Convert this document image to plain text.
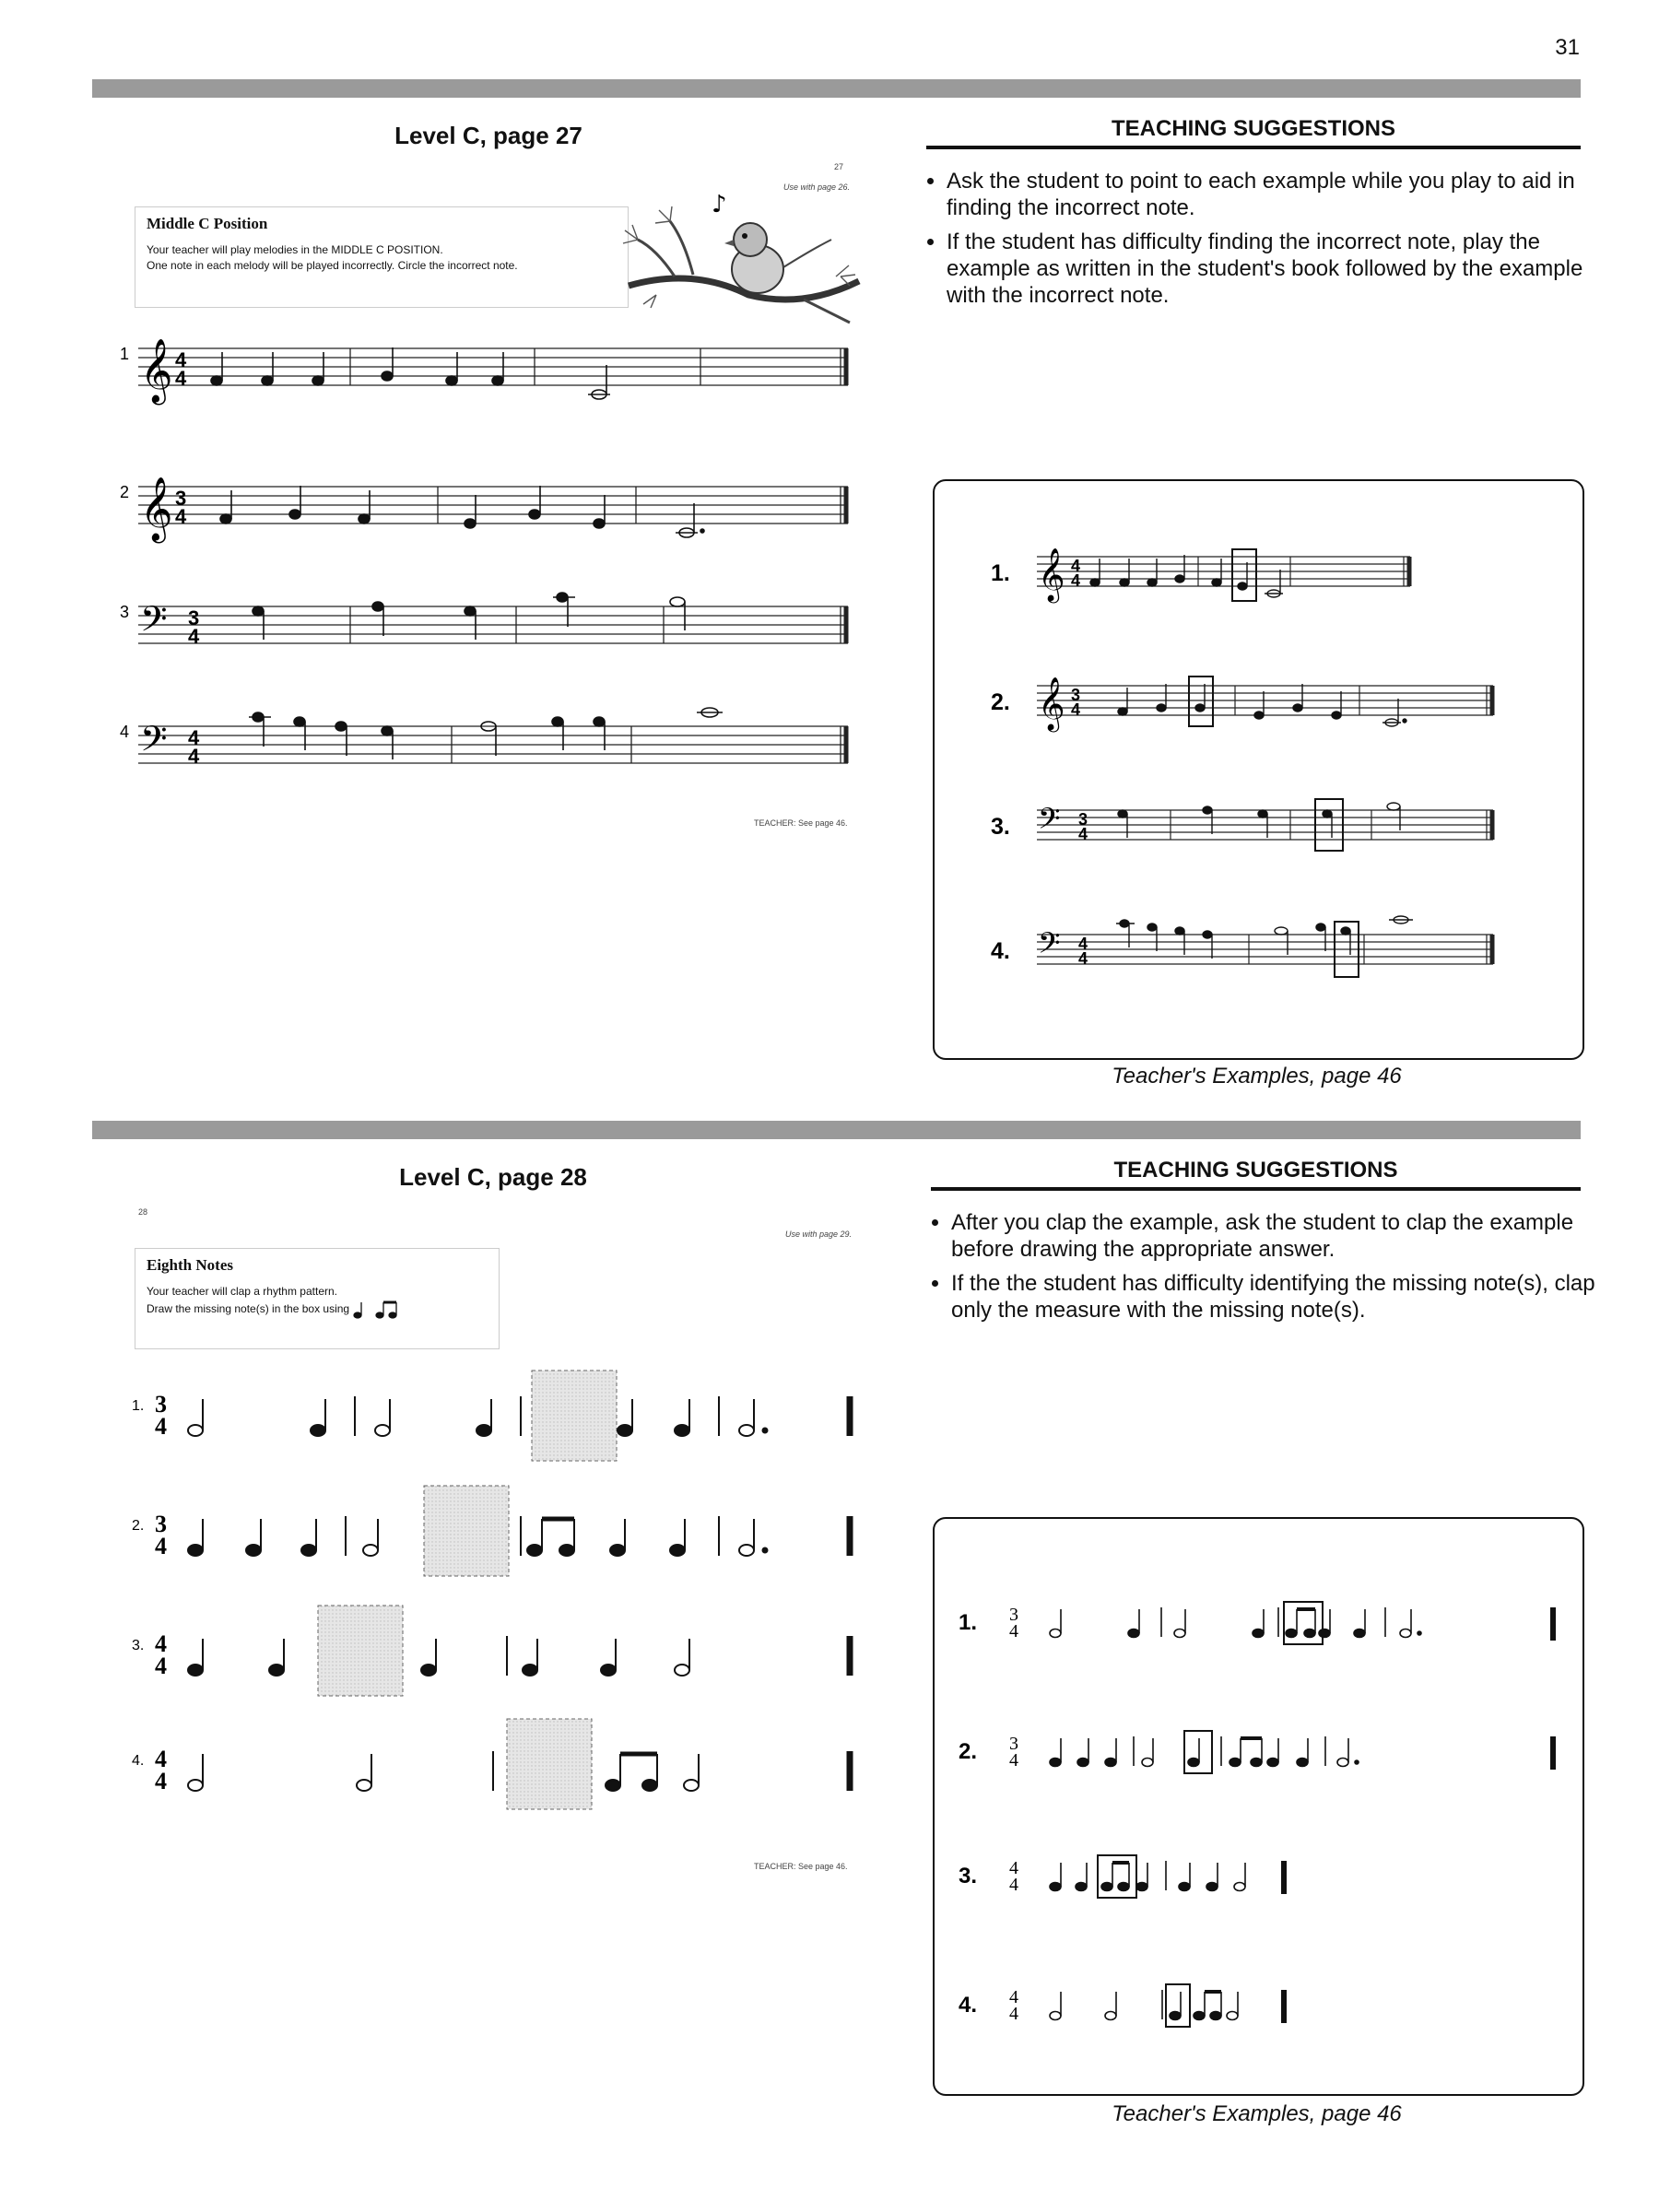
31
Level C, page 27
27
Use with page 26.
Middle C Position

Your teacher will play melodies in the MIDDLE C POSITION.

One note in each melody will be played incorrectly. Circle the incorrect note.

♪
1 𝄞 4
4
2 𝄞 3
4
3 𝄢 3
4
4 𝄢 4
4
TEACHER: See page 46.
TEACHING SUGGESTIONS
• Ask the student to point to each example while you play to aid in finding the incorrect note.
• If the student has difficulty finding the incorrect note, play the example as written in the student's book followed by the example with the incorrect note.
1. 𝄞 4
4
2. 𝄞 3
4
3. 𝄢 3
4
4. 𝄢 4
4
Teacher's Examples, page 46
Level C, page 28
28
Use with page 29.
Eighth Notes

Your teacher will clap a rhythm pattern.

Draw the missing note(s) in the box using

1. 3
4
2. 3
4
3. 4
4
4. 4
4
TEACHER: See page 46.
TEACHING SUGGESTIONS
• After you clap the example, ask the student to clap the example before drawing the appropriate answer.
• If the the student has difficulty identifying the missing note(s), clap only the measure with the missing note(s).
1. 3
4
2. 3
4
3. 4
4
4. 4
4
Teacher's Examples, page 46
